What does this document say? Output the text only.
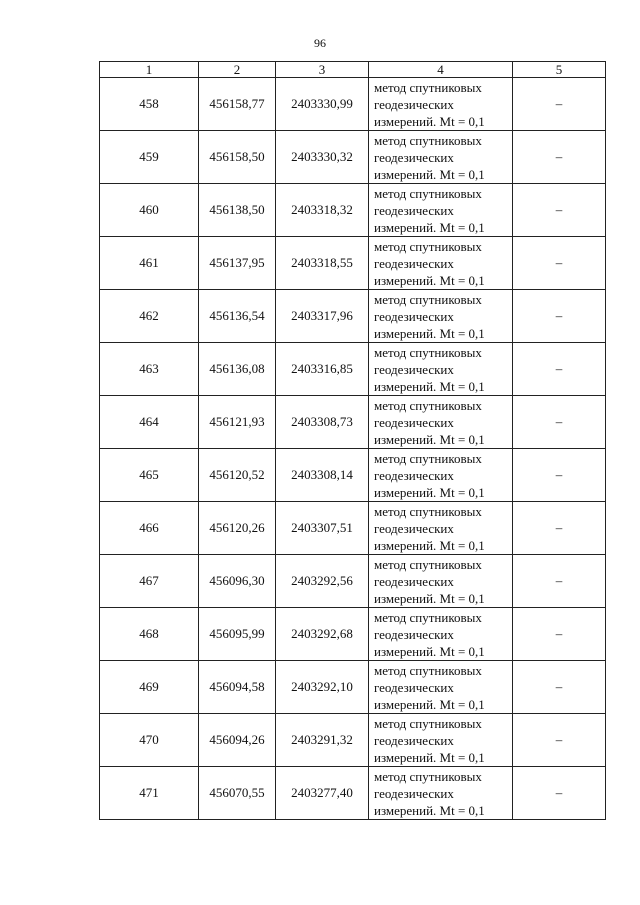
96
1	2	3	4	5
458	456158,77	2403330,99	метод спутниковых
геодезических
измерений. Mt = 0,1	–
459	456158,50	2403330,32	метод спутниковых
геодезических
измерений. Mt = 0,1	–
460	456138,50	2403318,32	метод спутниковых
геодезических
измерений. Mt = 0,1	–
461	456137,95	2403318,55	метод спутниковых
геодезических
измерений. Mt = 0,1	–
462	456136,54	2403317,96	метод спутниковых
геодезических
измерений. Mt = 0,1	–
463	456136,08	2403316,85	метод спутниковых
геодезических
измерений. Mt = 0,1	–
464	456121,93	2403308,73	метод спутниковых
геодезических
измерений. Mt = 0,1	–
465	456120,52	2403308,14	метод спутниковых
геодезических
измерений. Mt = 0,1	–
466	456120,26	2403307,51	метод спутниковых
геодезических
измерений. Mt = 0,1	–
467	456096,30	2403292,56	метод спутниковых
геодезических
измерений. Mt = 0,1	–
468	456095,99	2403292,68	метод спутниковых
геодезических
измерений. Mt = 0,1	–
469	456094,58	2403292,10	метод спутниковых
геодезических
измерений. Mt = 0,1	–
470	456094,26	2403291,32	метод спутниковых
геодезических
измерений. Mt = 0,1	–
471	456070,55	2403277,40	метод спутниковых
геодезических
измерений. Mt = 0,1	–
